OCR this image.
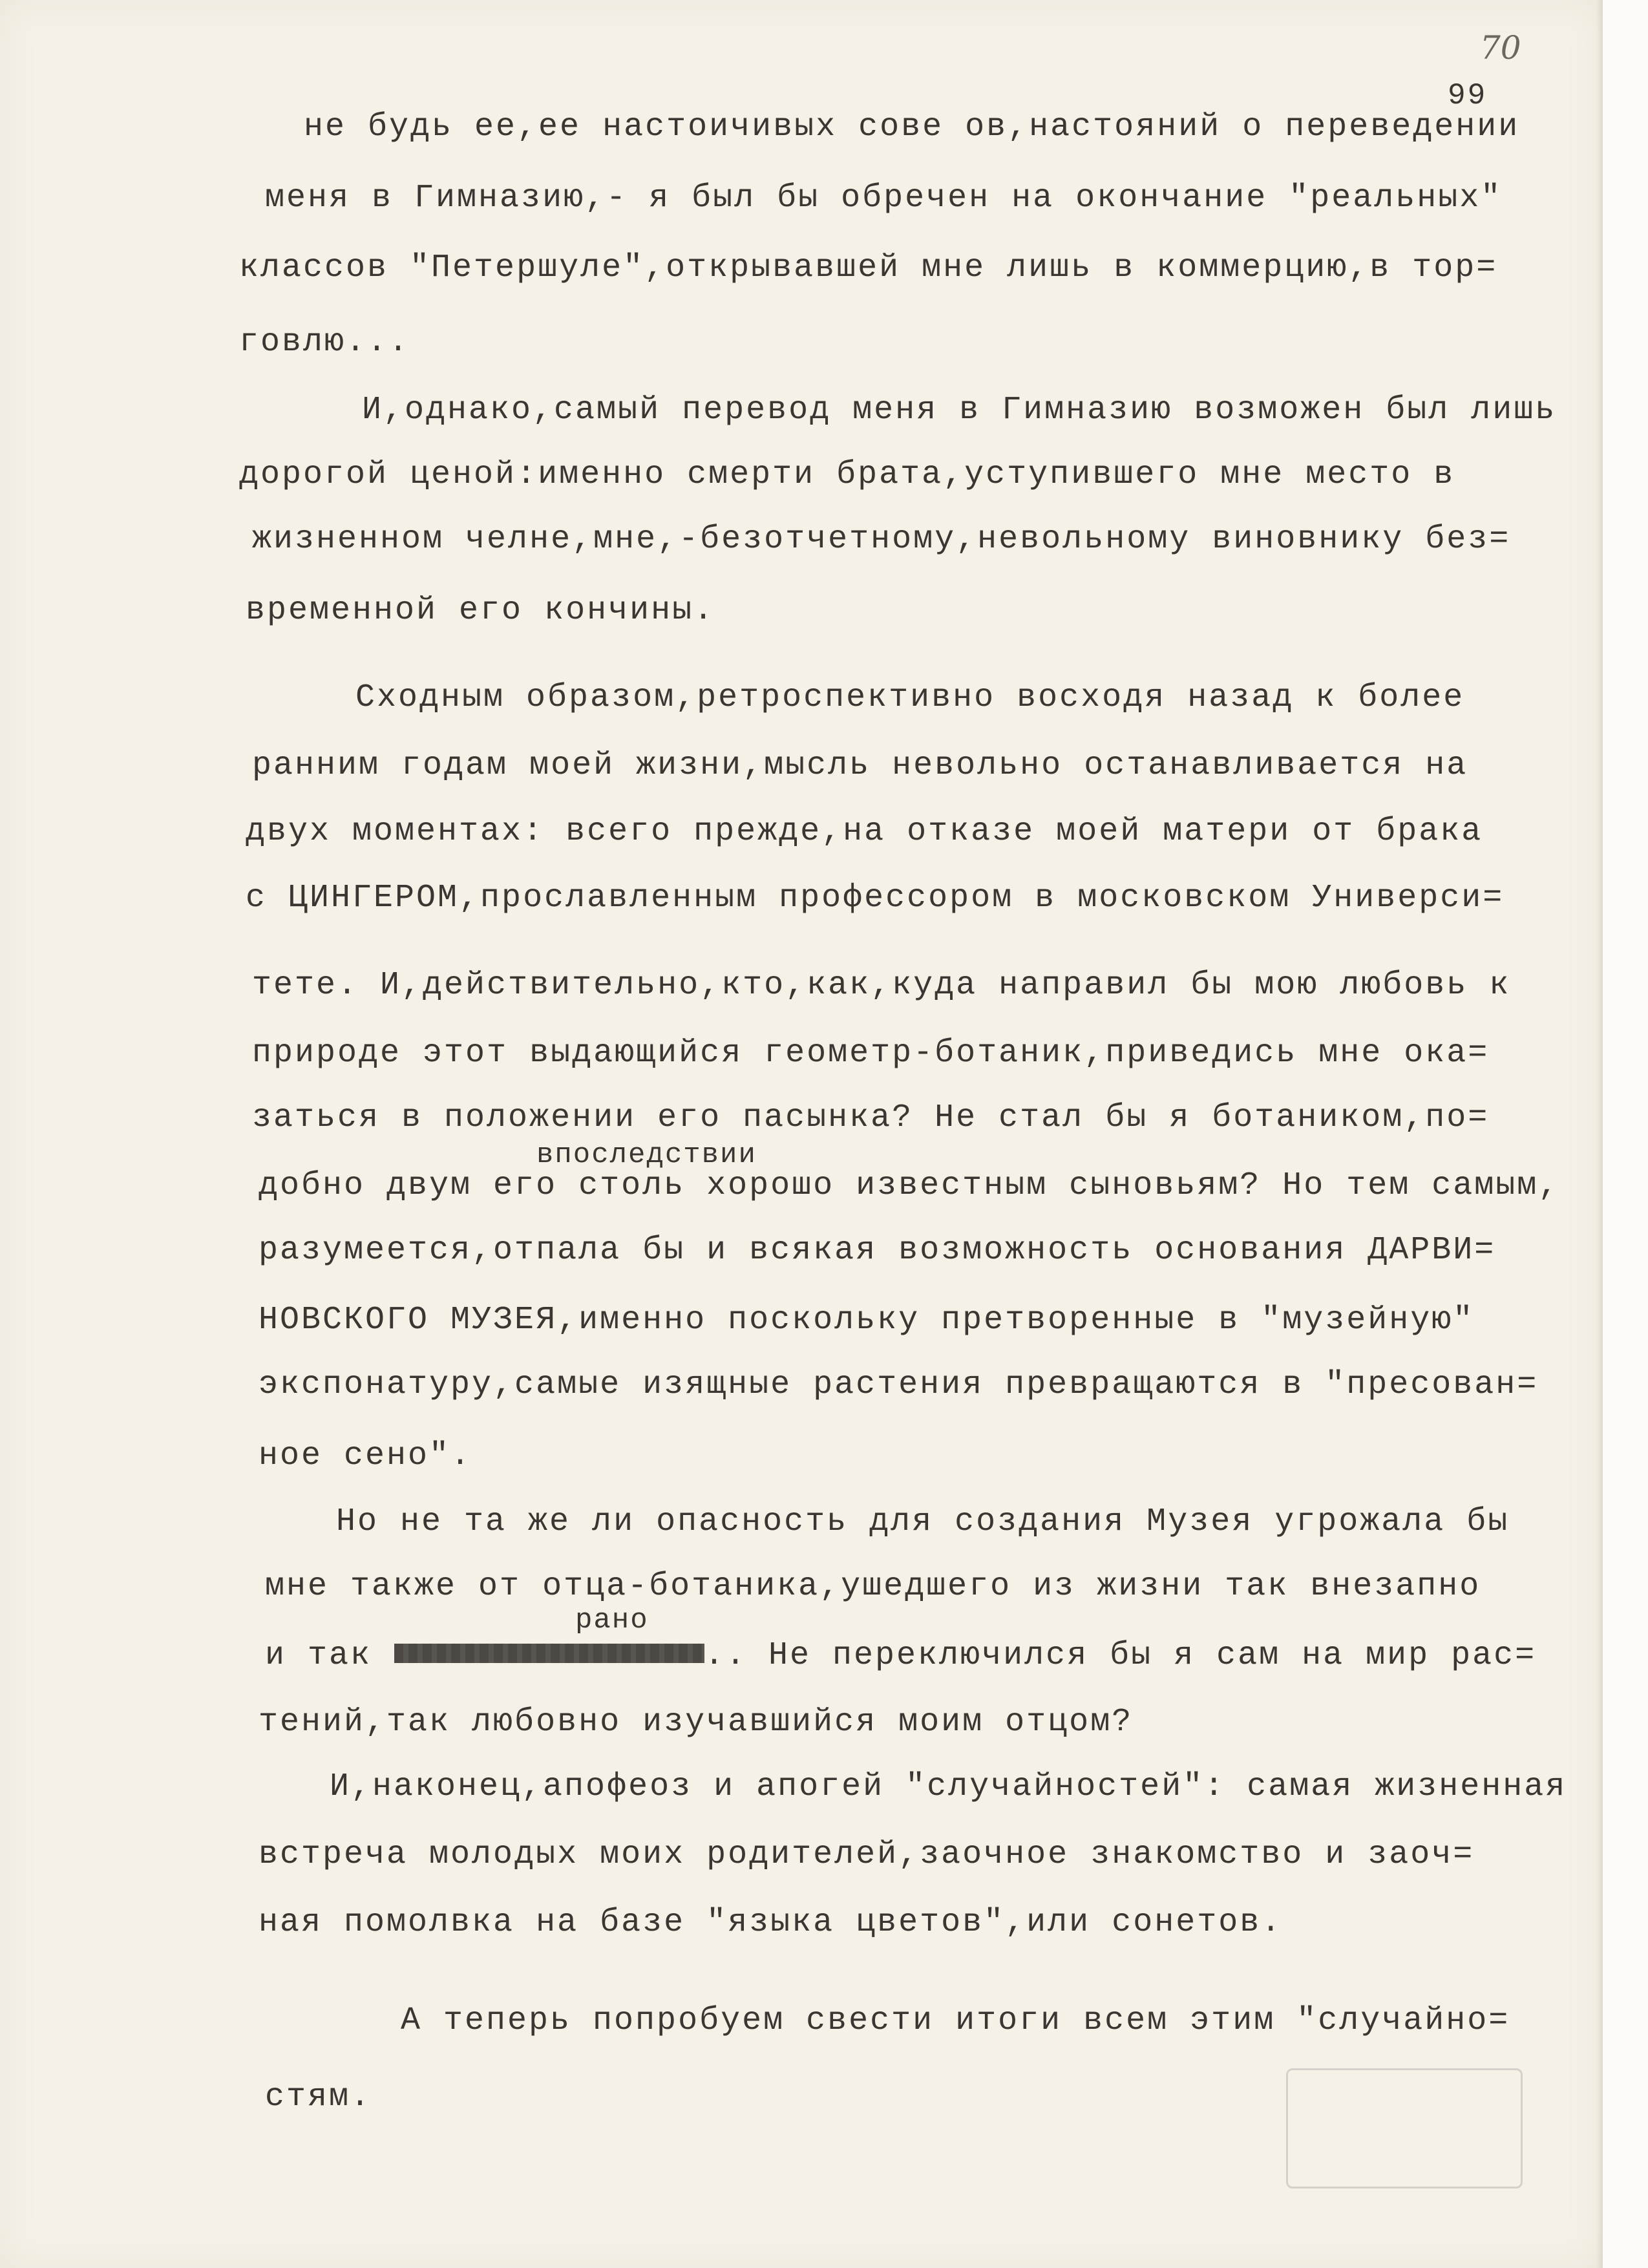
70
99
не будь ее,ее настоичивых сове ов,настояний о переведении
меня в Гимназию,- я был бы обречен на окончание "реальных"
классов "Петершуле",открывавшей мне лишь в коммерцию,в тор=
говлю...
И,однако,самый перевод меня в Гимназию возможен был лишь
дорогой ценой:именно смерти брата,уступившего мне место в
жизненном челне,мне,-безотчетному,невольному виновнику без=
временной его кончины.
Сходным образом,ретроспективно восходя назад к более
ранним годам моей жизни,мысль невольно останавливается на
двух моментах: всего прежде,на отказе моей матери от брака
с ЦИНГЕРОМ,прославленным профессором в московском Универси=
тете. И,действительно,кто,как,куда направил бы мою любовь к
природе этот выдающийся геометр-ботаник,приведись мне ока=
заться в положении его пасынка? Не стал бы я ботаником,по=
впоследствии
добно двум его столь хорошо известным сыновьям? Но тем самым,
разумеется,отпала бы и всякая возможность основания ДАРВИ=
НОВСКОГО МУЗЕЯ,именно поскольку претворенные в "музейную"
экспонатуру,самые изящные растения превращаются в "пресован=
ное сено".
Но не та же ли опасность для создания Музея угрожала бы
мне также от отца-ботаника,ушедшего из жизни так внезапно
рано
и так	.. Не переключился бы я сам на мир рас=
тений,так любовно изучавшийся моим отцом?
И,наконец,апофеоз и апогей "случайностей": самая жизненная
встреча молодых моих родителей,заочное знакомство и заоч=
ная помолвка на базе "языка цветов",или сонетов.
А теперь попробуем свести итоги всем этим "случайно=
стям.
